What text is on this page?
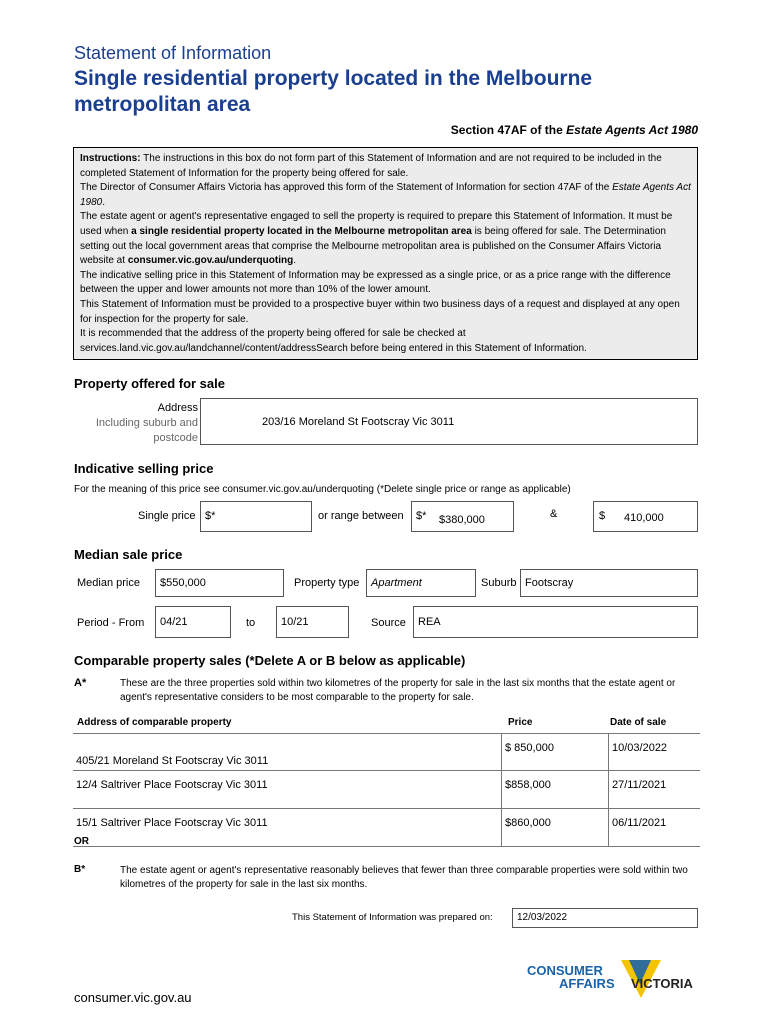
Statement of Information
Single residential property located in the Melbourne metropolitan area
Section 47AF of the Estate Agents Act 1980

Instructions: The instructions in this box do not form part of this Statement of Information and are not required to be included in the completed Statement of Information for the property being offered for sale.

The Director of Consumer Affairs Victoria has approved this form of the Statement of Information for section 47AF of the Estate Agents Act 1980.

The estate agent or agent's representative engaged to sell the property is required to prepare this Statement of Information. It must be used when a single residential property located in the Melbourne metropolitan area is being offered for sale. The Determination setting out the local government areas that comprise the Melbourne metropolitan area is published on the Consumer Affairs Victoria website at consumer.vic.gov.au/underquoting.

The indicative selling price in this Statement of Information may be expressed as a single price, or as a price range with the difference between the upper and lower amounts not more than 10% of the lower amount.

This Statement of Information must be provided to a prospective buyer within two business days of a request and displayed at any open for inspection for the property for sale.

It is recommended that the address of the property being offered for sale be checked at services.land.vic.gov.au/landchannel/content/addressSearch before being entered in this Statement of Information.

Property offered for sale
Address
Including suburb and
postcode
203/16 Moreland St Footscray Vic 3011
Indicative selling price
For the meaning of this price see consumer.vic.gov.au/underquoting (*Delete single price or range as applicable)
Single price $*	or range between $* $380,000	&	$ 410,000
Median sale price
Median price $550,000	Property type Apartment	Suburb Footscray
Period - From 04/21	to 10/21	Source REA
Comparable property sales (*Delete A or B below as applicable)
A*	These are the three properties sold within two kilometres of the property for sale in the last six months that the estate agent or agent's representative considers to be most comparable to the property for sale.
Address of comparable property	Price	Date of sale
405/21 Moreland St Footscray Vic 3011	$ 850,000	10/03/2022
12/4 Saltriver Place Footscray Vic 3011	$858,000	27/11/2021
15/1 Saltriver Place Footscray Vic 3011	$860,000	06/11/2021
OR
B*	The estate agent or agent's representative reasonably believes that fewer than three comparable properties were sold within two kilometres of the property for sale in the last six months.
This Statement of Information was prepared on: 12/03/2022
CONSUMER
AFFAIRS VICTORIA
consumer.vic.gov.au
